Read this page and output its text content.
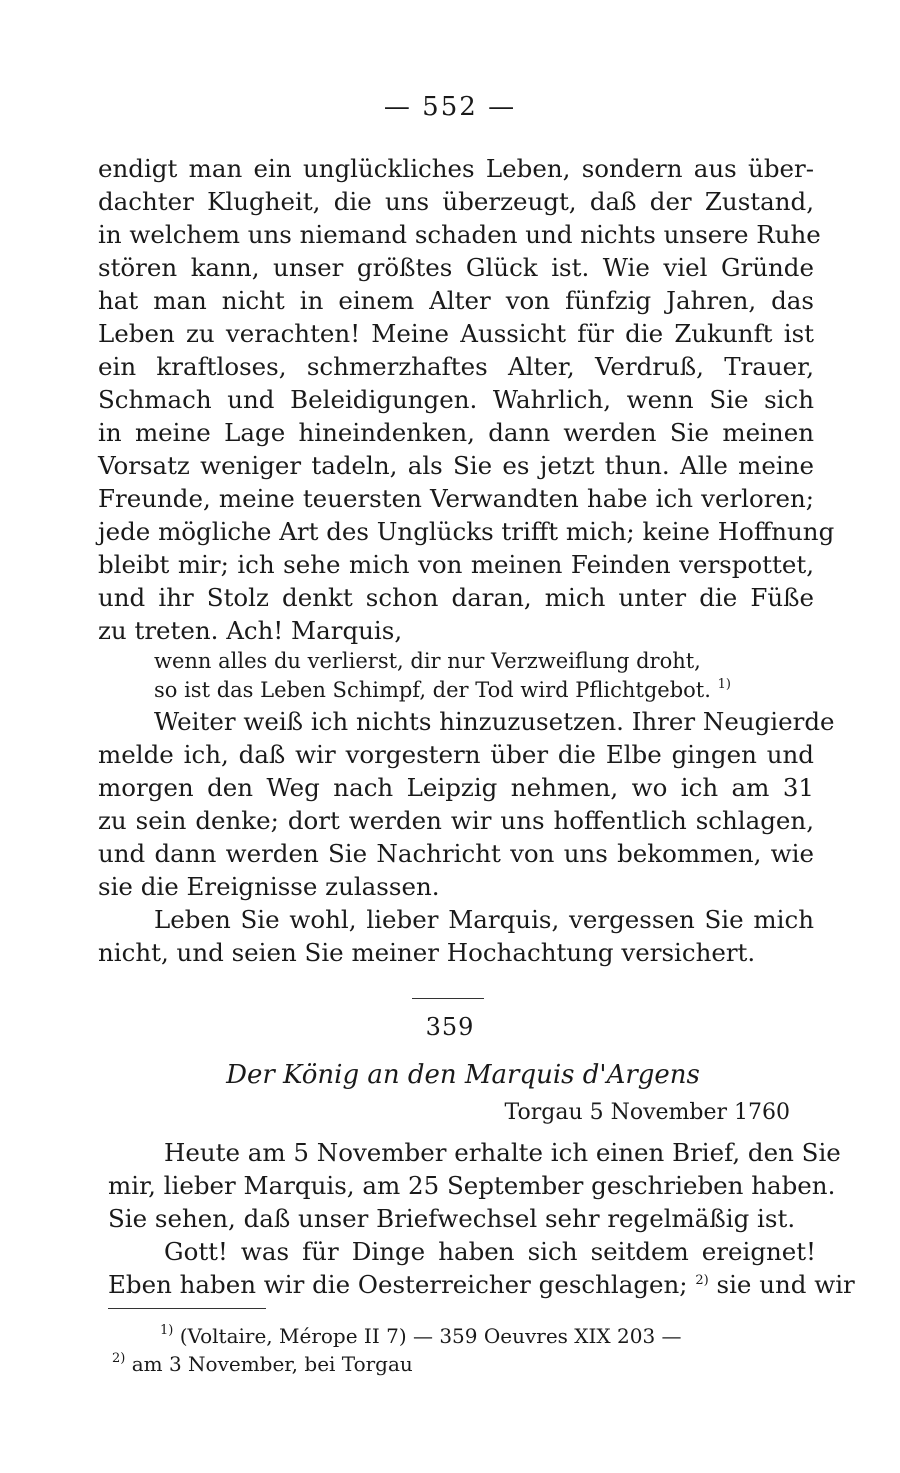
— 552 —
endigt man ein unglückliches Leben, sondern aus über-
dachter Klugheit, die uns überzeugt, daß der Zustand,
in welchem uns niemand schaden und nichts unsere Ruhe
stören kann, unser größtes Glück ist. Wie viel Gründe
hat man nicht in einem Alter von fünfzig Jahren, das
Leben zu verachten! Meine Aussicht für die Zukunft ist
ein kraftloses, schmerzhaftes Alter, Verdruß, Trauer,
Schmach und Beleidigungen. Wahrlich, wenn Sie sich
in meine Lage hineindenken, dann werden Sie meinen
Vorsatz weniger tadeln, als Sie es jetzt thun. Alle meine
Freunde, meine teuersten Verwandten habe ich verloren;
jede mögliche Art des Unglücks trifft mich; keine Hoffnung
bleibt mir; ich sehe mich von meinen Feinden verspottet,
und ihr Stolz denkt schon daran, mich unter die Füße
zu treten. Ach! Marquis,
wenn alles du verlierst, dir nur Verzweiflung droht,
so ist das Leben Schimpf, der Tod wird Pflichtgebot. $^{1)}$
Weiter weiß ich nichts hinzuzusetzen. Ihrer Neugierde
melde ich, daß wir vorgestern über die Elbe gingen und
morgen den Weg nach Leipzig nehmen, wo ich am 31
zu sein denke; dort werden wir uns hoffentlich schlagen,
und dann werden Sie Nachricht von uns bekommen, wie
sie die Ereignisse zulassen.
Leben Sie wohl, lieber Marquis, vergessen Sie mich
nicht, und seien Sie meiner Hochachtung versichert.
359
Der König an den Marquis d'Argens
Torgau 5 November 1760
Heute am 5 November erhalte ich einen Brief, den Sie
mir, lieber Marquis, am 25 September geschrieben haben.
Sie sehen, daß unser Briefwechsel sehr regelmäßig ist.
Gott! was für Dinge haben sich seitdem ereignet!
Eben haben wir die Oesterreicher geschlagen; $^{2)}$ sie und wir
$^{1)}$ (Voltaire, Mérope II 7) — 359 Oeuvres XIX 203 —
$^{2)}$ am 3 November, bei Torgau
